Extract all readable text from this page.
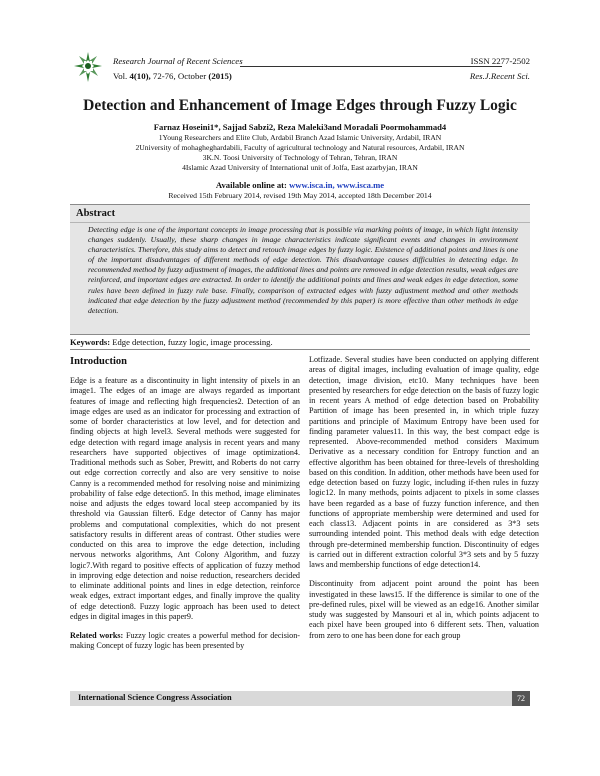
Research Journal of Recent Sciences	ISSN 2277-2502
Vol. 4(10), 72-76, October (2015)	Res.J.Recent Sci.
Detection and Enhancement of Image Edges through Fuzzy Logic
Farnaz Hoseini1*, Sajjad Sabzi2, Reza Maleki3and Moradali Poormohammad4
1Young Researchers and Elite Club, Ardabil Branch Azad Islamic University, Ardabil, IRAN
2University of mohagheghardabili, Faculty of agricultural technology and Natural resources, Ardabil, IRAN
3K.N. Toosi University of Technology of Tehran, Tehran, IRAN
4Islamic Azad University of International unit of Jolfa, East azarbyjan, IRAN
Available online at: www.isca.in, www.isca.me
Received 15th February 2014, revised 19th May 2014, accepted 18th December 2014
Abstract
Detecting edge is one of the important concepts in image processing that is possible via marking points of image, in which light intensity changes suddenly. Usually, these sharp changes in image characteristics indicate significant events and changes in environment characteristics. Therefore, this study aims to detect and retouch image edges by fuzzy logic. Existence of additional points and lines is one of the important disadvantages of different methods of edge detection. This disadvantage causes difficulties in detecting edge. In recommended method by fuzzy adjustment of images, the additional lines and points are removed in edge detection results, weak edges are reinforced, and important edges are extracted. In order to identify the additional points and lines and weak edges in edge detection, some rules have been defined in fuzzy rule base. Finally, comparison of extracted edges with fuzzy adjustment method and other methods indicated that edge detection by the fuzzy adjustment method (recommended by this paper) is more effective than other methods in edge detection.
Keywords: Edge detection, fuzzy logic, image processing.
Introduction

Edge is a feature as a discontinuity in light intensity of pixels in an image1. The edges of an image are always regarded as important features of image and reflecting high frequencies2. Detection of an image edges are used as an indicator for processing and extraction of some of border characteristics at low level, and for detection and finding objects at high level3. Several methods were suggested for edge detection with regard image analysis in recent years and many researchers have supported objectives of image optimization4. Traditional methods such as Sober, Prewitt, and Roberts do not carry out edge correction correctly and also are very sensitive to noise Canny is a recommended method for resolving noise and minimizing probability of false edge detection5. In this method, image eliminates noise and adjusts the edges toward local steep accompanied by its threshold via Gaussian filter6. Edge detector of Canny has major problems and computational complexities, which do not present satisfactory results in different areas of contrast. Other studies were conducted on this area to improve the edge detection, including nervous networks algorithms, Ant Colony Algorithm, and fuzzy logic7.With regard to positive effects of application of fuzzy method in improving edge detection and noise reduction, researchers decided to eliminate additional points and lines in edge detection, reinforce weak edges, extract important edges, and finally improve the quality of edge detection8. Fuzzy logic approach has been used to detect edges in digital images in this paper9.

Related works: Fuzzy logic creates a powerful method for decision-making Concept of fuzzy logic has been presented by

Lotfizade. Several studies have been conducted on applying different areas of digital images, including evaluation of image quality, edge detection, image division, etc10. Many techniques have been presented by researchers for edge detection on the basis of fuzzy logic in recent years A method of edge detection based on Probability Partition of image has been presented in, in which triple fuzzy partitions and principle of Maximum Entropy have been used for finding parameter values11. In this way, the best compact edge is represented. Above-recommended method considers Maximum Derivative as a necessary condition for Entropy function and an effective algorithm has been obtained for three-levels of thresholding based on this condition. In addition, other methods have been used for edge detection based on fuzzy logic, including if-then rules in fuzzy logic12. In many methods, points adjacent to pixels in some classes have been regarded as a base of fuzzy function inference, and then functions of appropriate membership were determined and used for each class13. Adjacent points in are considered as 3*3 sets surrounding intended point. This method deals with edge detection through pre-determined membership function. Discontinuity of edges is carried out in different extraction colorful 3*3 sets and by 5 fuzzy laws and membership functions of edge detection14.

Discontinuity from adjacent point around the point has been investigated in these laws15. If the difference is similar to one of the pre-defined rules, pixel will be viewed as an edge16. Another similar study was suggested by Mansouri et al in, which points adjacent to each pixel have been grouped into 6 different sets. Then, valuation from zero to one has been done for each group

International Science Congress Association	72
